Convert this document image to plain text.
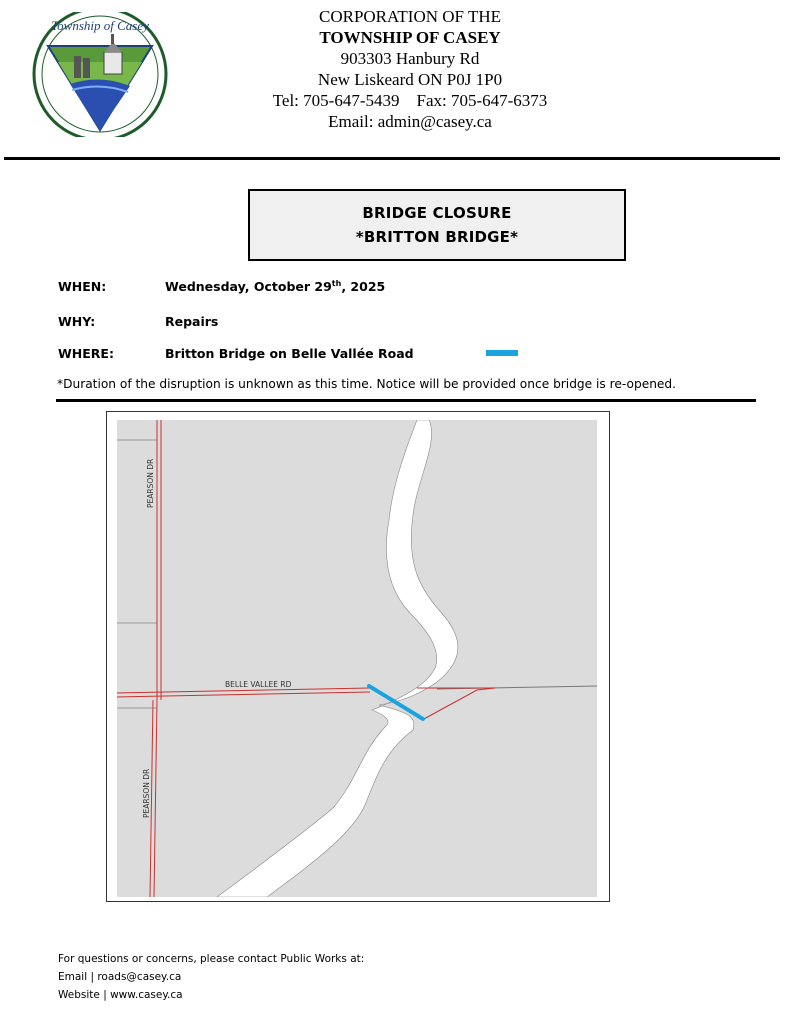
Township of Casey	CORPORATION OF THE
TOWNSHIP OF CASEY
903303 Hanbury Rd
New Liskeard ON P0J 1P0
Tel: 705-647-5439 Fax: 705-647-6373
Email: admin@casey.ca
BRIDGE CLOSURE
*BRITTON BRIDGE*
WHEN:	Wednesday, October 29th, 2025
WHY:	Repairs
WHERE:	Britton Bridge on Belle Vallée Road
*Duration of the disruption is unknown as this time. Notice will be provided once bridge is re-opened.
PEARSON DR
PEARSON DR
BELLE VALLEE RD
For questions or concerns, please contact Public Works at:
Email | roads@casey.ca
Website | www.casey.ca
